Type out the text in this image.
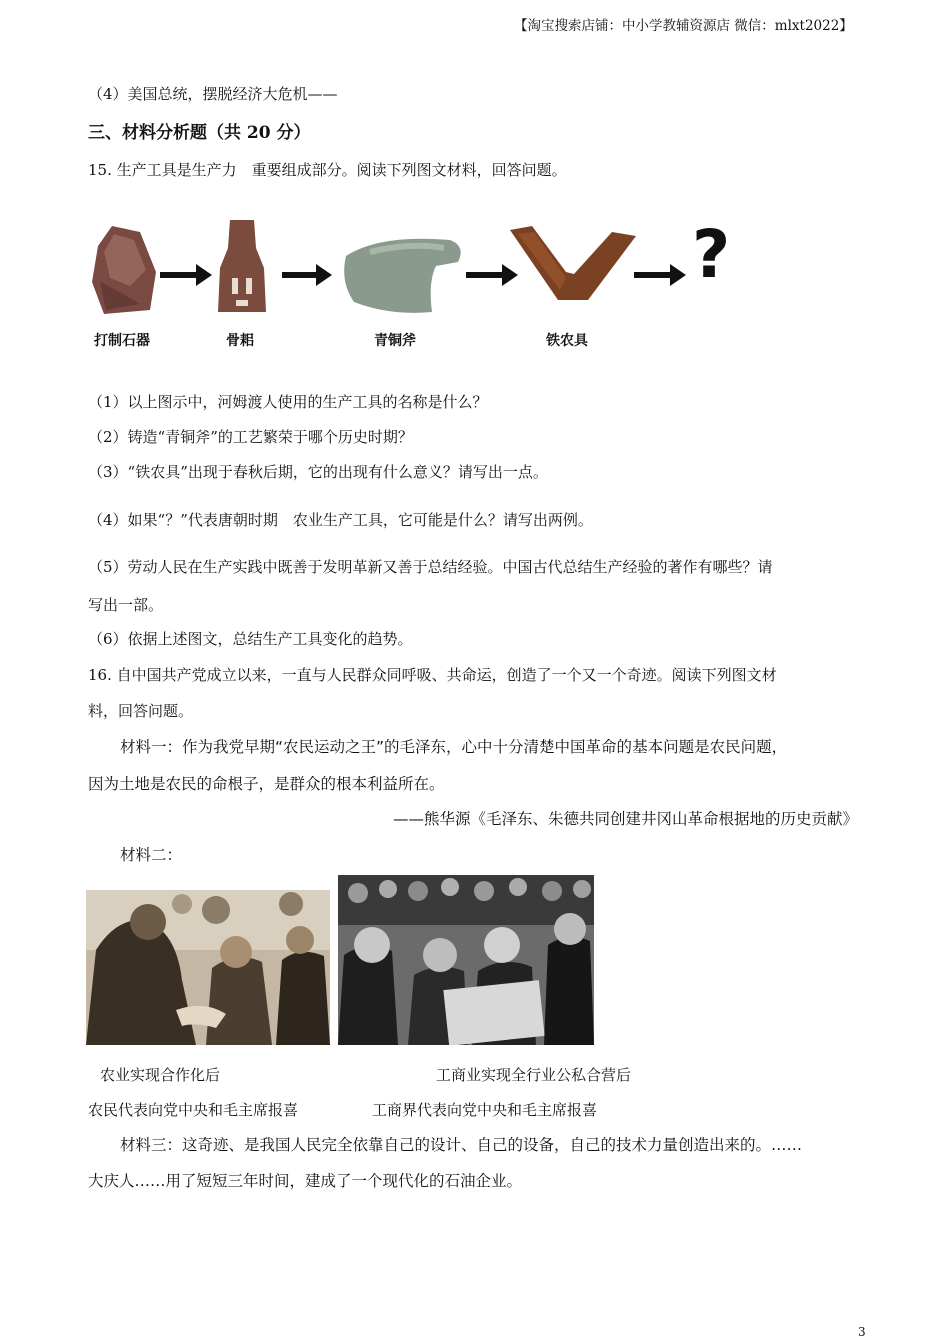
【淘宝搜索店铺：中小学教辅资源店 微信：mlxt2022】
（4）美国总统，摆脱经济大危机——
三、材料分析题（共 20 分）
15. 生产工具是生产力　重要组成部分。阅读下列图文材料，回答问题。
?
打制石器	骨耜	青铜斧	铁农具
（1）以上图示中，河姆渡人使用的生产工具的名称是什么？
（2）铸造“青铜斧”的工艺繁荣于哪个历史时期？
（3）“铁农具”出现于春秋后期，它的出现有什么意义？请写出一点。
（4）如果“？”代表唐朝时期　农业生产工具，它可能是什么？请写出两例。
（5）劳动人民在生产实践中既善于发明革新又善于总结经验。中国古代总结生产经验的著作有哪些？请
写出一部。
（6）依据上述图文，总结生产工具变化的趋势。
16. 自中国共产党成立以来，一直与人民群众同呼吸、共命运，创造了一个又一个奇迹。阅读下列图文材
料，回答问题。
材料一：作为我党早期“农民运动之王”的毛泽东，心中十分清楚中国革命的基本问题是农民问题，
因为土地是农民的命根子，是群众的根本利益所在。
——熊华源《毛泽东、朱德共同创建井冈山革命根据地的历史贡献》
材料二：
农业实现合作化后	工商业实现全行业公私合营后
农民代表向党中央和毛主席报喜	工商界代表向党中央和毛主席报喜
材料三：这奇迹、是我国人民完全依靠自己的设计、自己的设备，自己的技术力量创造出来的。……
大庆人……用了短短三年时间，建成了一个现代化的石油企业。
3
